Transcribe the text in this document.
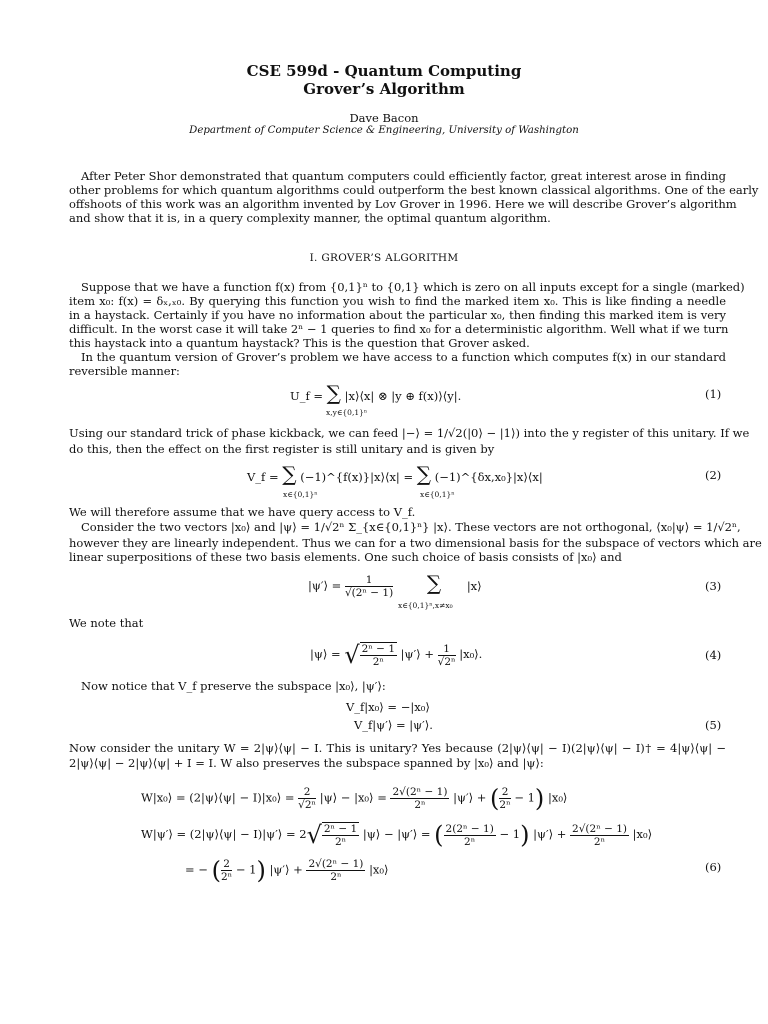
CSE 599d - Quantum Computing
Grover’s Algorithm
Dave Bacon
Department of Computer Science & Engineering, University of Washington
After Peter Shor demonstrated that quantum computers could efficiently factor, great interest arose in finding
other problems for which quantum algorithms could outperform the best known classical algorithms. One of the early
offshoots of this work was an algorithm invented by Lov Grover in 1996. Here we will describe Grover’s algorithm
and show that it is, in a query complexity manner, the optimal quantum algorithm.
I. GROVER’S ALGORITHM
Suppose that we have a function f(x) from {0,1}ⁿ to {0,1} which is zero on all inputs except for a single (marked)
item x₀: f(x) = δₓ,ₓ₀. By querying this function you wish to find the marked item x₀. This is like finding a needle
in a haystack. Certainly if you have no information about the particular x₀, then finding this marked item is very
difficult. In the worst case it will take 2ⁿ − 1 queries to find x₀ for a deterministic algorithm. Well what if we turn
this haystack into a quantum haystack? This is the question that Grover asked.
In the quantum version of Grover’s problem we have access to a function which computes f(x) in our standard
reversible manner:
U_f = ∑ |x⟩⟨x| ⊗ |y ⊕ f(x)⟩⟨y|.
x,y∈{0,1}ⁿ
(1)
Using our standard trick of phase kickback, we can feed |−⟩ = 1/√2(|0⟩ − |1⟩) into the y register of this unitary. If we
do this, then the effect on the first register is still unitary and is given by
V_f = ∑ (−1)^{f(x)}|x⟩⟨x| = ∑ (−1)^{δx,x₀}|x⟩⟨x|
x∈{0,1}ⁿ	x∈{0,1}ⁿ
(2)
We will therefore assume that we have query access to V_f.
Consider the two vectors |x₀⟩ and |ψ⟩ = 1/√2ⁿ Σ_{x∈{0,1}ⁿ} |x⟩. These vectors are not orthogonal, ⟨x₀|ψ⟩ = 1/√2ⁿ,
however they are linearly independent. Thus we can for a two dimensional basis for the subspace of vectors which are
linear superpositions of these two basis elements. One such choice of basis consists of |x₀⟩ and
|ψ′⟩ = $\frac{1}{\text{√(2ⁿ − 1)}}$ ∑ |x⟩
x∈{0,1}ⁿ,x≠x₀
(3)
We note that
|ψ⟩ = √ $\frac{\text{2ⁿ − 1}}{\text{2ⁿ}}$ |ψ′⟩ + $\frac{1}{\text{√2ⁿ}}$ |x₀⟩.	(4)
Now notice that V_f preserve the subspace |x₀⟩, |ψ′⟩:
V_f|x₀⟩ = −|x₀⟩
V_f|ψ′⟩ = |ψ′⟩.	(5)
Now consider the unitary W = 2|ψ⟩⟨ψ| − I. This is unitary? Yes because (2|ψ⟩⟨ψ| − I)(2|ψ⟩⟨ψ| − I)† = 4|ψ⟩⟨ψ| −
2|ψ⟩⟨ψ| − 2|ψ⟩⟨ψ| + I = I. W also preserves the subspace spanned by |x₀⟩ and |ψ⟩:
W|x₀⟩ = (2|ψ⟩⟨ψ| − I)|x₀⟩ = $\frac{2}{\text{√2ⁿ}}$ |ψ⟩ − |x₀⟩ = $\frac{\text{2√(2ⁿ − 1)}}{\text{2ⁿ}}$ |ψ′⟩ + ( $\frac{2}{\text{2ⁿ}} - 1$) |x₀⟩
W|ψ′⟩ = (2|ψ⟩⟨ψ| − I)|ψ′⟩ = $2√ \frac{\text{2ⁿ − 1}}{\text{2ⁿ}}$ |ψ⟩ − |ψ′⟩ = ( $\frac{\text{2(2ⁿ − 1)}}{\text{2ⁿ}} - 1$) |ψ′⟩ + $\frac{\text{2√(2ⁿ − 1)}}{\text{2ⁿ}}$ |x₀⟩
= − ( $\frac{2}{\text{2ⁿ}} - 1$) |ψ′⟩ + $\frac{\text{2√(2ⁿ − 1)}}{\text{2ⁿ}}$ |x₀⟩	(6)
